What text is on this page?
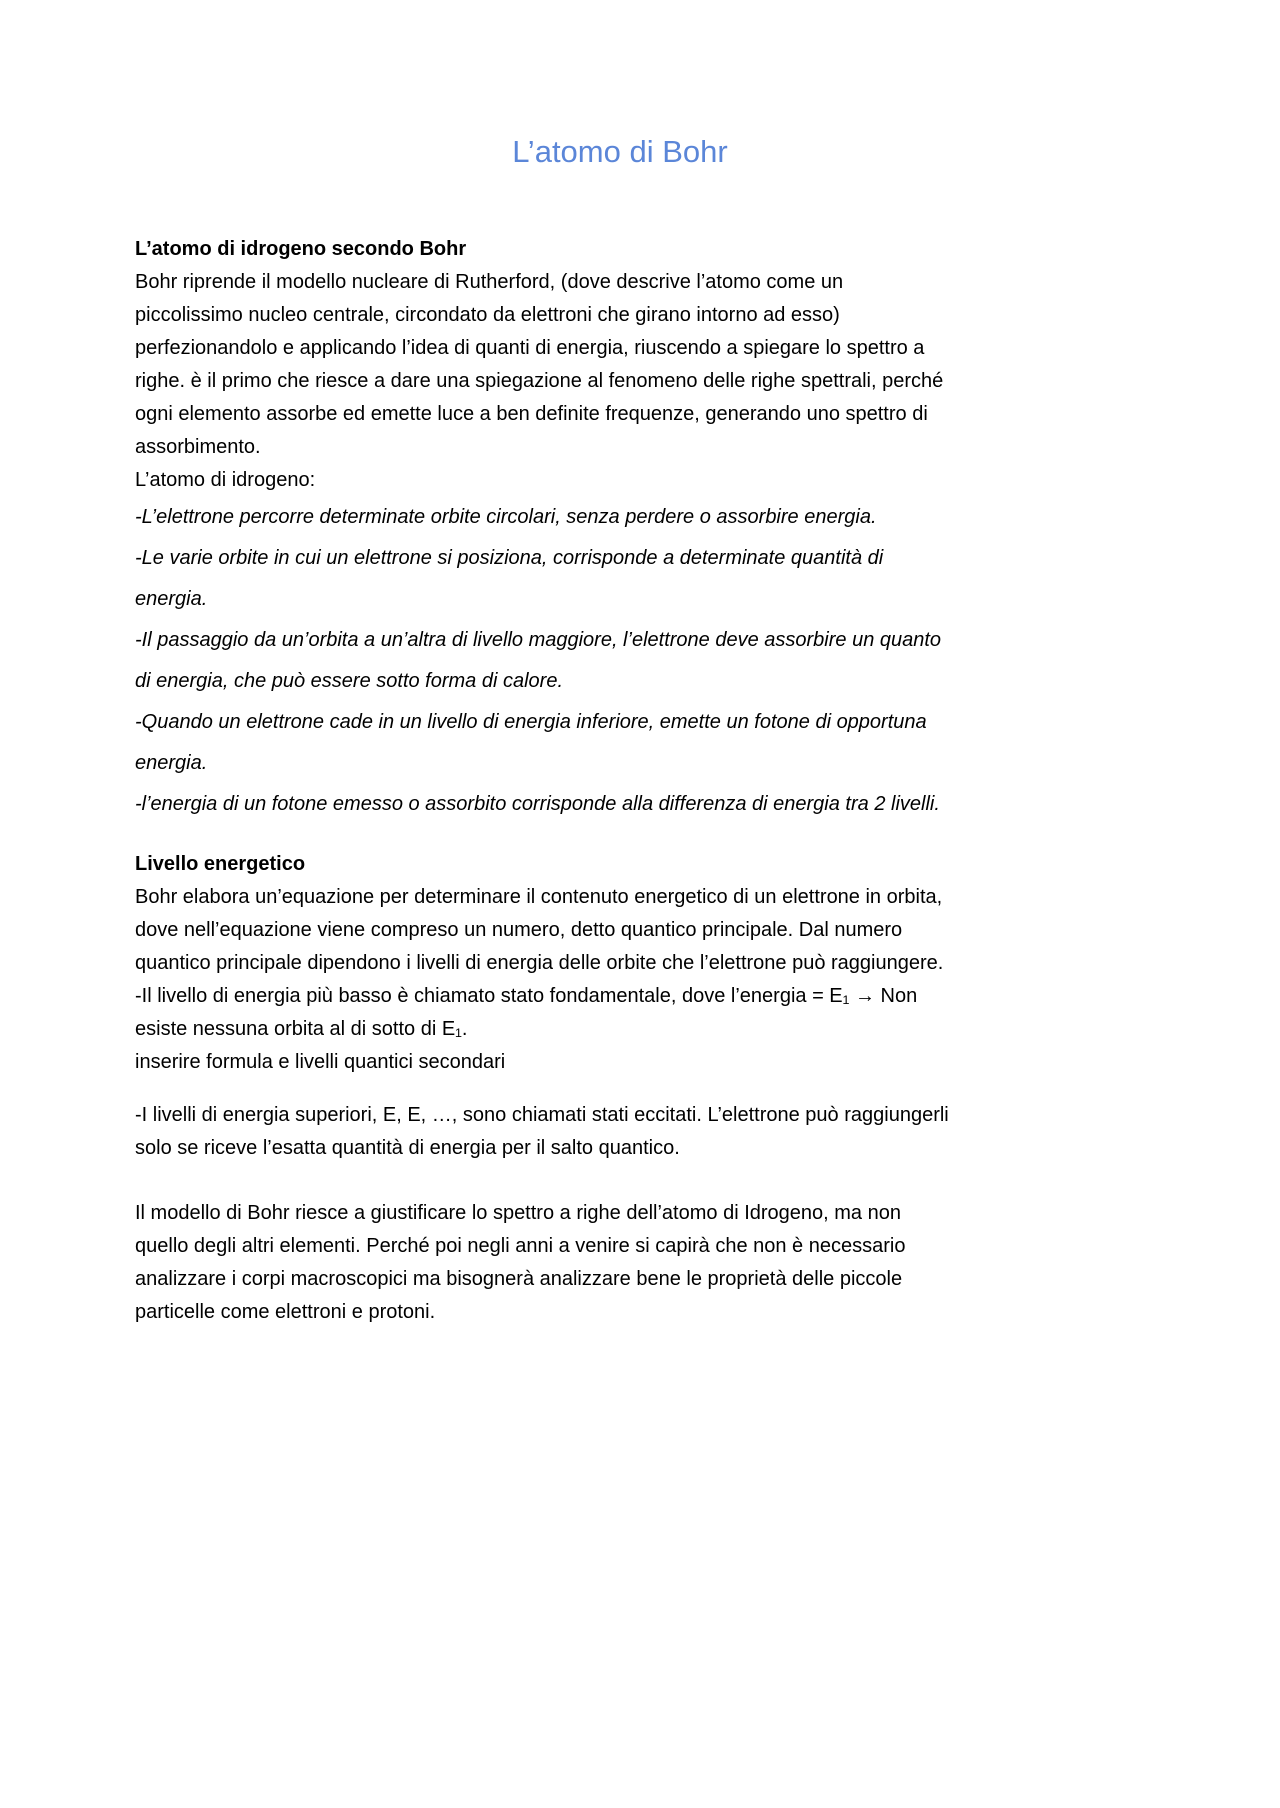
L’atomo di Bohr
L’atomo di idrogeno secondo Bohr
Bohr riprende il modello nucleare di Rutherford, (dove descrive l’atomo come un
piccolissimo nucleo centrale, circondato da elettroni che girano intorno ad esso)
perfezionandolo e applicando l’idea di quanti di energia, riuscendo a spiegare lo spettro a
righe. è il primo che riesce a dare una spiegazione al fenomeno delle righe spettrali, perché
ogni elemento assorbe ed emette luce a ben definite frequenze, generando uno spettro di
assorbimento.
L’atomo di idrogeno:
-L’elettrone percorre determinate orbite circolari, senza perdere o assorbire energia.
-Le varie orbite in cui un elettrone si posiziona, corrisponde a determinate quantità di
energia.
-Il passaggio da un’orbita a un’altra di livello maggiore, l’elettrone deve assorbire un quanto
di energia, che può essere sotto forma di calore.
-Quando un elettrone cade in un livello di energia inferiore, emette un fotone di opportuna
energia.
-l’energia di un fotone emesso o assorbito corrisponde alla differenza di energia tra 2 livelli.
Livello energetico
Bohr elabora un’equazione per determinare il contenuto energetico di un elettrone in orbita,
dove nell’equazione viene compreso un numero, detto quantico principale. Dal numero
quantico principale dipendono i livelli di energia delle orbite che l’elettrone può raggiungere.
-Il livello di energia più basso è chiamato stato fondamentale, dove l’energia = E₁ → Non
esiste nessuna orbita al di sotto di E₁.
inserire formula e livelli quantici secondari
-I livelli di energia superiori, E, E, …, sono chiamati stati eccitati. L’elettrone può raggiungerli
solo se riceve l’esatta quantità di energia per il salto quantico.
Il modello di Bohr riesce a giustificare lo spettro a righe dell’atomo di Idrogeno, ma non
quello degli altri elementi. Perché poi negli anni a venire si capirà che non è necessario
analizzare i corpi macroscopici ma bisognerà analizzare bene le proprietà delle piccole
particelle come elettroni e protoni.
